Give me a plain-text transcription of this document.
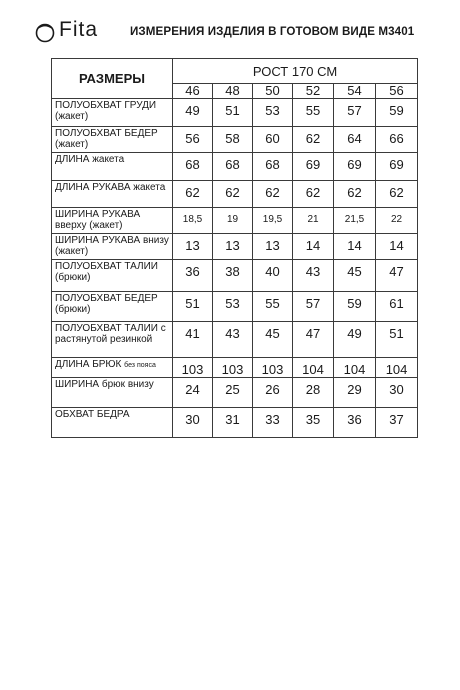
Fita	ИЗМЕРЕНИЯ ИЗДЕЛИЯ В ГОТОВОМ ВИДЕ М3401
РАЗМЕРЫ	РОСТ 170 СМ					
	46	48	50	52	54	56
ПОЛУОБХВАТ ГРУДИ (жакет)	49	51	53	55	57	59
ПОЛУОБХВАТ БЕДЕР (жакет)	56	58	60	62	64	66
ДЛИНА жакета	68	68	68	69	69	69
ДЛИНА РУКАВА жакета	62	62	62	62	62	62
ШИРИНА РУКАВА вверху (жакет)	18,5	19	19,5	21	21,5	22
ШИРИНА РУКАВА внизу (жакет)	13	13	13	14	14	14
ПОЛУОБХВАТ ТАЛИИ (брюки)	36	38	40	43	45	47
ПОЛУОБХВАТ БЕДЕР (брюки)	51	53	55	57	59	61
ПОЛУОБХВАТ ТАЛИИ с растянутой резинкой	41	43	45	47	49	51
ДЛИНА БРЮК без пояса	103	103	103	104	104	104
ШИРИНА брюк внизу	24	25	26	28	29	30
ОБХВАТ БЕДРА	30	31	33	35	36	37
